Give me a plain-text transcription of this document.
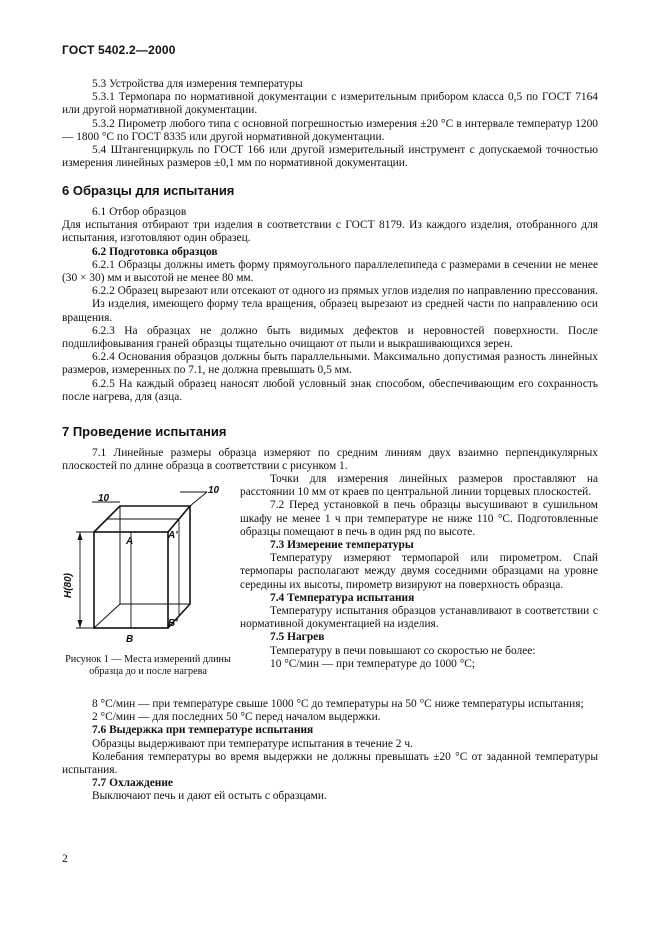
ГОСТ 5402.2—2000

5.3 Устройства для измерения температуры

5.3.1 Термопара по нормативной документации с измерительным прибором класса 0,5 по ГОСТ 7164 или другой нормативной документации.

5.3.2 Пирометр любого типа с основной погрешностью измерения ±20 °С в интервале температур 1200 — 1800 °С по ГОСТ 8335 или другой нормативной документации.

5.4 Штангенциркуль по ГОСТ 166 или другой измерительный инструмент с допускаемой точностью измерения линейных размеров ±0,1 мм по нормативной документации.

6 Образцы для испытания

6.1 Отбор образцов

Для испытания отбирают три изделия в соответствии с ГОСТ 8179. Из каждого изделия, отобранного для испытания, изготовляют один образец.

6.2 Подготовка образцов

6.2.1 Образцы должны иметь форму прямоугольного параллелепипеда с размерами в сечении не менее (30 × 30) мм и высотой не менее 80 мм.

6.2.2 Образец вырезают или отсекают от одного из прямых углов изделия по направлению прессования.

Из изделия, имеющего форму тела вращения, образец вырезают из средней части по направлению оси вращения.

6.2.3 На образцах не должно быть видимых дефектов и неровностей поверхности. После подшлифовывания граней образцы тщательно очищают от пыли и выкрашивающихся зерен.

6.2.4 Основания образцов должны быть параллельными. Максимально допустимая разность линейных размеров, измеренных по 7.1, не должна превышать 0,5 мм.

6.2.5 На каждый образец наносят любой условный знак способом, обеспечивающим его сохранность после нагрева, для (азца.

7 Проведение испытания

7.1 Линейные размеры образца измеряют по средним линиям двух взаимно перпендикулярных плоскостей по длине образца в соответствии с рисунком 1.

10
10
H(80)
A
A'
B
B'
Рисунок 1 — Места измерений длины образца до и после нагрева

Точки для измерения линейных размеров проставляют на расстоянии 10 мм от краев по центральной линии торцевых плоскостей.

7.2 Перед установкой в печь образцы высушивают в сушильном шкафу не менее 1 ч при температуре не ниже 110 °С. Подготовленные образцы помещают в печь в один ряд по высоте.

7.3 Измерение температуры

Температуру измеряют термопарой или пирометром. Спай термопары располагают между двумя соседними образцами на уровне середины их высоты, пирометр визируют на поверхность образца.

7.4 Температура испытания

Температуру испытания образцов устанавливают в соответствии с нормативной документацией на изделия.

7.5 Нагрев

Температуру в печи повышают со скоростью не более:

10 °С/мин — при температуре до 1000 °С;

8 °С/мин — при температуре свыше 1000 °С до температуры на 50 °С ниже температуры испытания;

2 °С/мин — для последних 50 °С перед началом выдержки.

7.6 Выдержка при температуре испытания

Образцы выдерживают при температуре испытания в течение 2 ч.

Колебания температуры во время выдержки не должны превышать ±20 °С от заданной температуры испытания.

7.7 Охлаждение

Выключают печь и дают ей остыть с образцами.

2
